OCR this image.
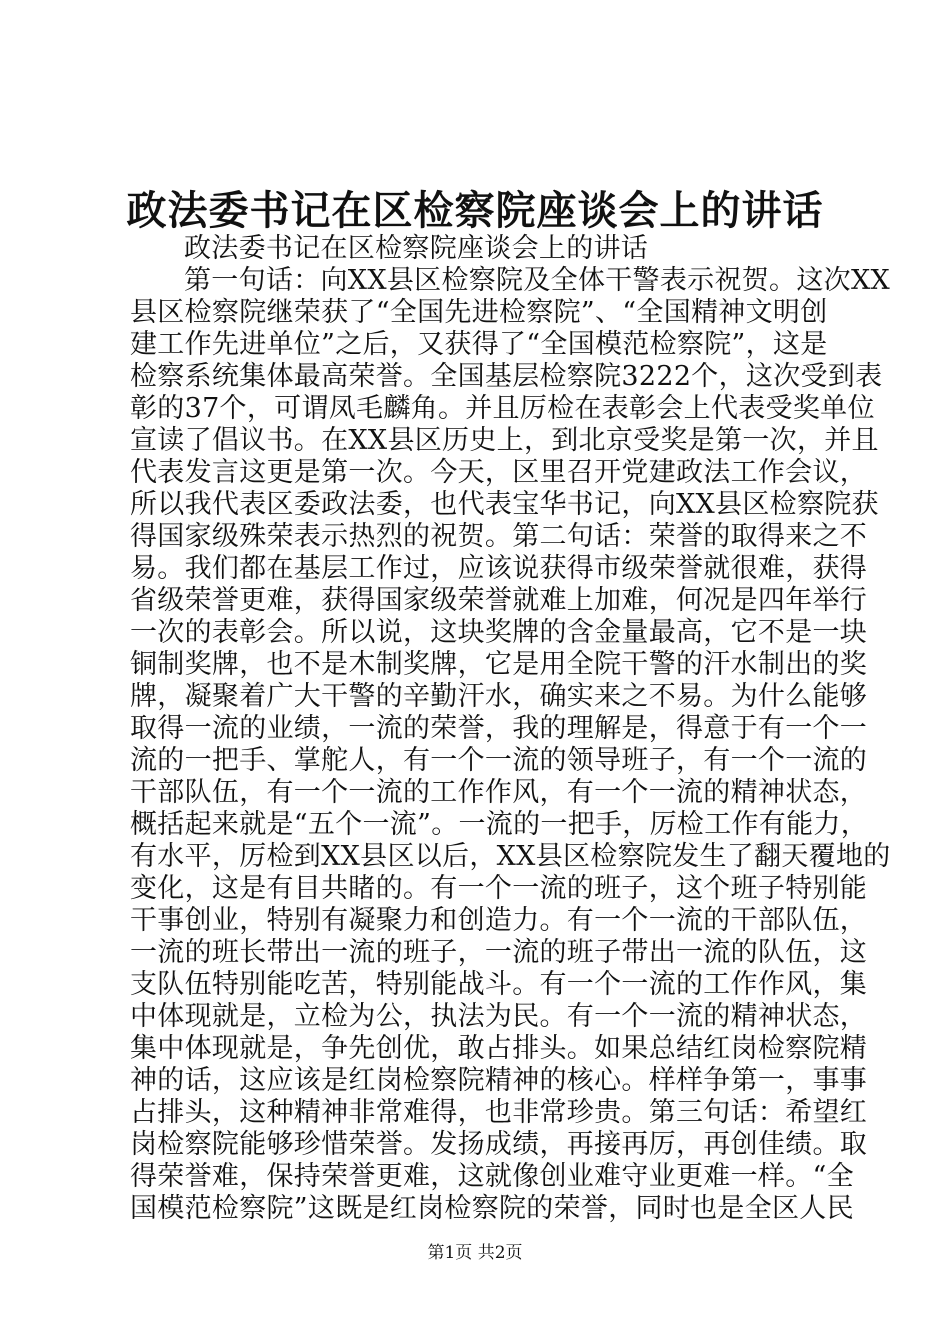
政法委书记在区检察院座谈会上的讲话
政法委书记在区检察院座谈会上的讲话
第一句话：向XX县区检察院及全体干警表示祝贺。这次XX
县区检察院继荣获了“全国先进检察院”、“全国精神文明创
建工作先进单位”之后，又获得了“全国模范检察院”，这是
检察系统集体最高荣誉。全国基层检察院3222个，这次受到表
彰的37个，可谓凤毛麟角。并且厉检在表彰会上代表受奖单位
宣读了倡议书。在XX县区历史上，到北京受奖是第一次，并且
代表发言这更是第一次。今天，区里召开党建政法工作会议，
所以我代表区委政法委，也代表宝华书记，向XX县区检察院获
得国家级殊荣表示热烈的祝贺。第二句话：荣誉的取得来之不
易。我们都在基层工作过，应该说获得市级荣誉就很难，获得
省级荣誉更难，获得国家级荣誉就难上加难，何况是四年举行
一次的表彰会。所以说，这块奖牌的含金量最高，它不是一块
铜制奖牌，也不是木制奖牌，它是用全院干警的汗水制出的奖
牌，凝聚着广大干警的辛勤汗水，确实来之不易。为什么能够
取得一流的业绩，一流的荣誉，我的理解是，得意于有一个一
流的一把手、掌舵人，有一个一流的领导班子，有一个一流的
干部队伍，有一个一流的工作作风，有一个一流的精神状态，
概括起来就是“五个一流”。一流的一把手，厉检工作有能力，
有水平，厉检到XX县区以后，XX县区检察院发生了翻天覆地的
变化，这是有目共睹的。有一个一流的班子，这个班子特别能
干事创业，特别有凝聚力和创造力。有一个一流的干部队伍，
一流的班长带出一流的班子，一流的班子带出一流的队伍，这
支队伍特别能吃苦，特别能战斗。有一个一流的工作作风，集
中体现就是，立检为公，执法为民。有一个一流的精神状态，
集中体现就是，争先创优，敢占排头。如果总结红岗检察院精
神的话，这应该是红岗检察院精神的核心。样样争第一，事事
占排头，这种精神非常难得，也非常珍贵。第三句话：希望红
岗检察院能够珍惜荣誉。发扬成绩，再接再厉，再创佳绩。取
得荣誉难，保持荣誉更难，这就像创业难守业更难一样。“全
国模范检察院”这既是红岗检察院的荣誉，同时也是全区人民
第1页 共2页
